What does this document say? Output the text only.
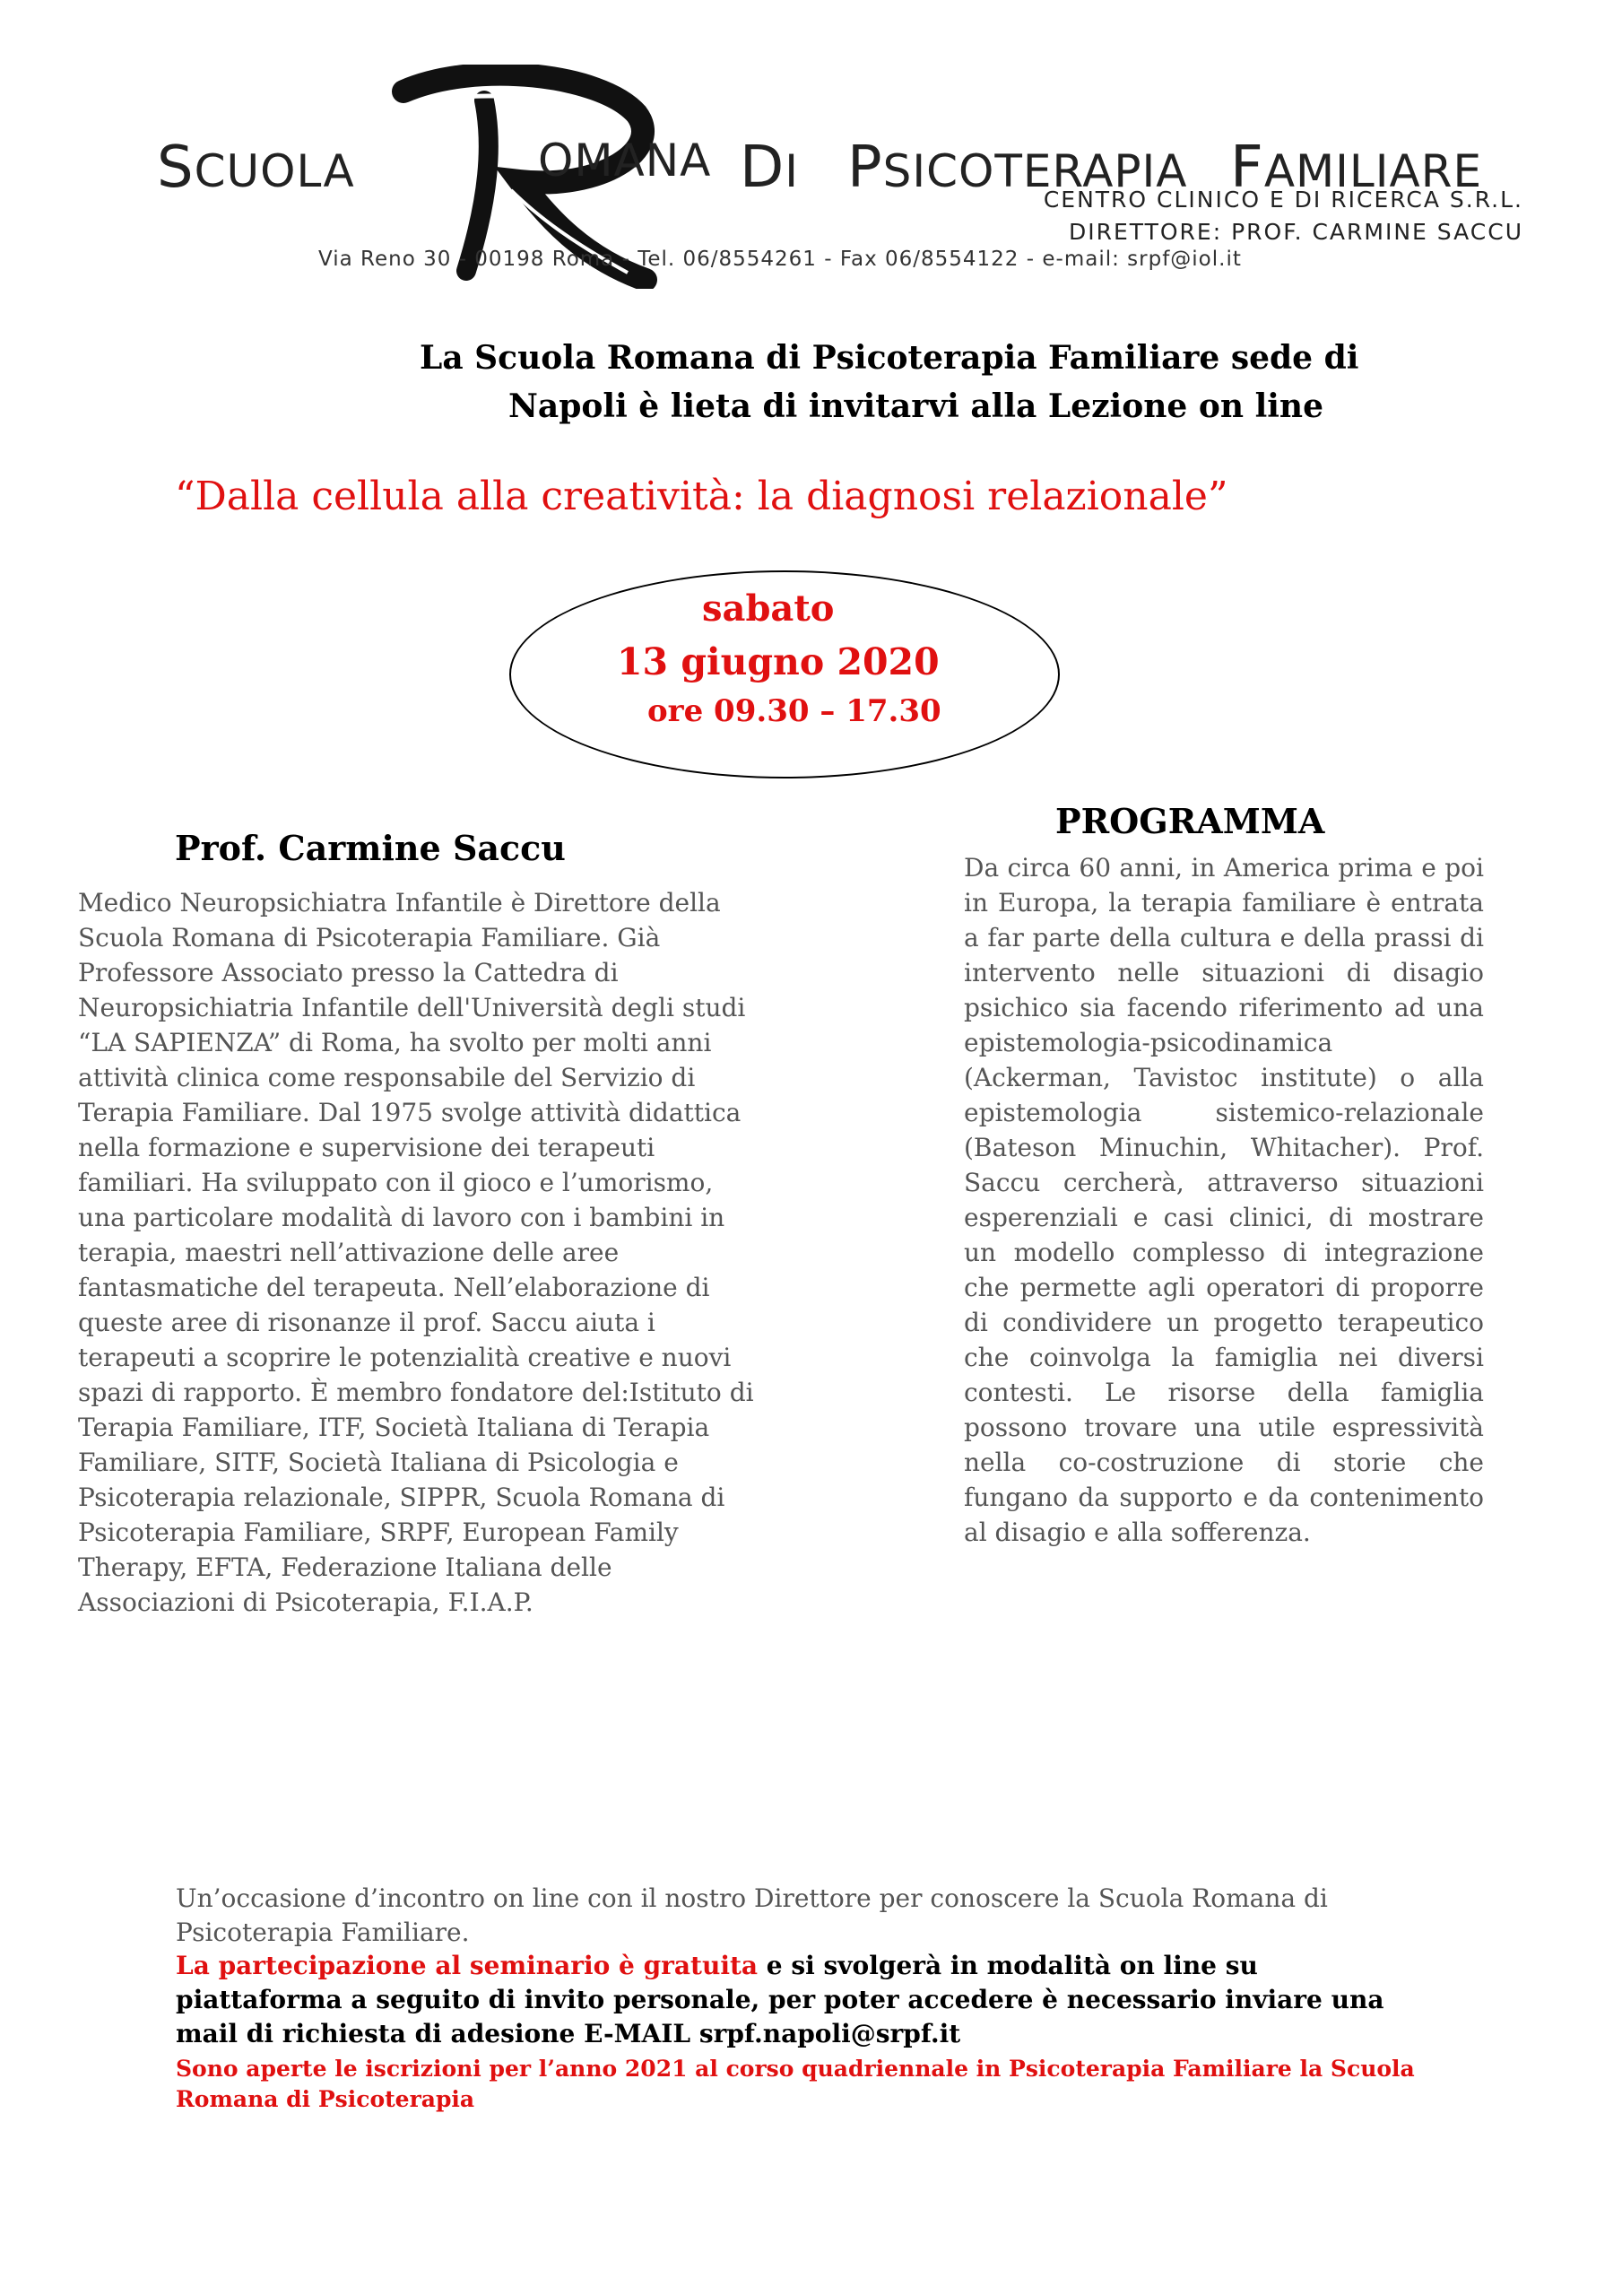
SCUOLA	OMANA DI PSICOTERAPIA FAMILIARE
CENTRO CLINICO E DI RICERCA S.R.L.
DIRETTORE: PROF. CARMINE SACCU
Via Reno 30 - 00198 Roma - Tel. 06/8554261 - Fax 06/8554122 - e-mail: srpf@iol.it
La Scuola Romana di Psicoterapia Familiare sede di
Napoli è lieta di invitarvi alla Lezione on line
“Dalla cellula alla creatività: la diagnosi relazionale”
sabato
13 giugno 2020
ore 09.30 – 17.30
Prof. Carmine Saccu
Medico Neuropsichiatra Infantile è Direttore della Scuola Romana di Psicoterapia Familiare. Già Professore Associato presso la Cattedra di Neuropsichiatria Infantile dell'Università degli studi “LA SAPIENZA” di Roma, ha svolto per molti anni attività clinica come responsabile del Servizio di Terapia Familiare. Dal 1975 svolge attività didattica nella formazione e supervisione dei terapeuti familiari. Ha sviluppato con il gioco e l’umorismo, una particolare modalità di lavoro con i bambini in terapia, maestri nell’attivazione delle aree fantasmatiche del terapeuta. Nell’elaborazione di queste aree di risonanze il prof. Saccu aiuta i terapeuti a scoprire le potenzialità creative e nuovi spazi di rapporto. È membro fondatore del:Istituto di Terapia Familiare, ITF, Società Italiana di Terapia Familiare, SITF, Società Italiana di Psicologia e Psicoterapia relazionale, SIPPR, Scuola Romana di Psicoterapia Familiare, SRPF, European Family Therapy, EFTA, Federazione Italiana delle Associazioni di Psicoterapia, F.I.A.P.
PROGRAMMA
Da circa 60 anni, in America prima e poi in Europa, la terapia familiare è entrata a far parte della cultura e della prassi di intervento nelle situazioni di disagio psichico sia facendo riferimento ad una epistemologia-psicodinamica (Ackerman, Tavistoc institute) o alla epistemologia sistemico-relazionale (Bateson Minuchin, Whitacher). Prof. Saccu cercherà, attraverso situazioni esperenziali e casi clinici, di mostrare un modello complesso di integrazione che permette agli operatori di proporre di condividere un progetto terapeutico che coinvolga la famiglia nei diversi contesti. Le risorse della famiglia possono trovare una utile espressività nella co-costruzione di storie che fungano da supporto e da contenimento al disagio e alla sofferenza.
Un’occasione d’incontro on line con il nostro Direttore per conoscere la Scuola Romana di Psicoterapia Familiare.
La partecipazione al seminario è gratuita e si svolgerà in modalità on line su piattaforma a seguito di invito personale, per poter accedere è necessario inviare una mail di richiesta di adesione E-MAIL srpf.napoli@srpf.it
Sono aperte le iscrizioni per l’anno 2021 al corso quadriennale in Psicoterapia Familiare la Scuola Romana di Psicoterapia
